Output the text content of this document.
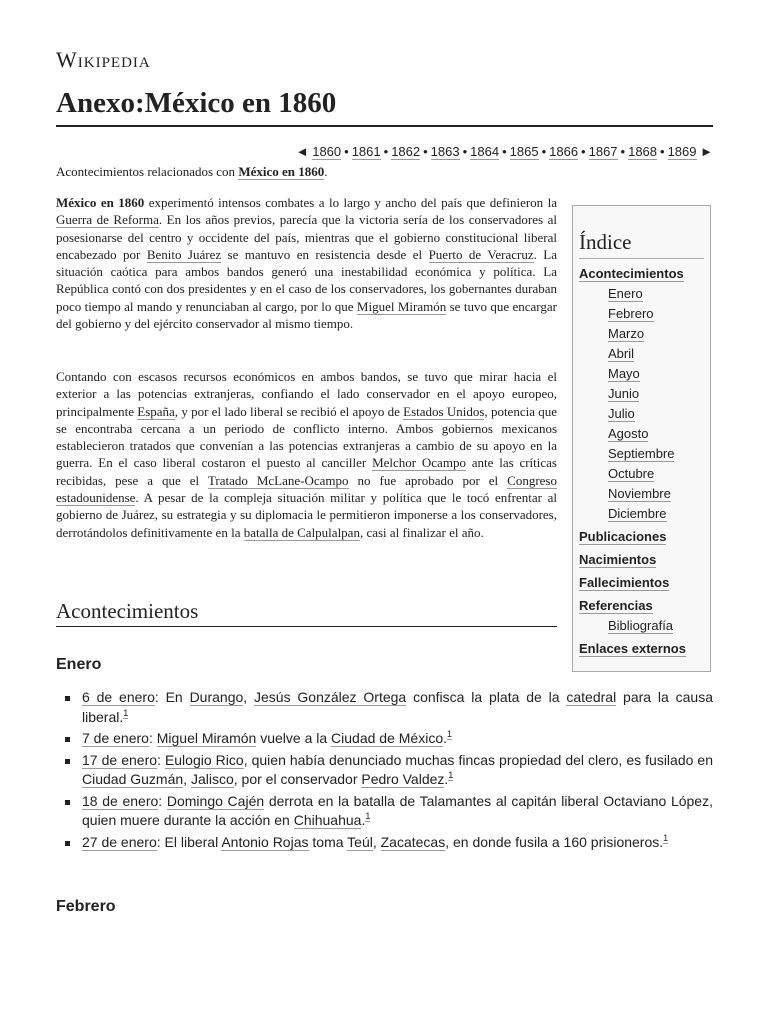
Wikipedia
Anexo:México en 1860
◄ 1860 • 1861 • 1862 • 1863 • 1864 • 1865 • 1866 • 1867 • 1868 • 1869 ►
Acontecimientos relacionados con México en 1860.

México en 1860 experimentó intensos combates a lo largo y ancho del país que definieron la Guerra de Reforma. En los años previos, parecía que la victoria sería de los conservadores al posesionarse del centro y occidente del país, mientras que el gobierno constitucional liberal encabezado por Benito Juárez se mantuvo en resistencia desde el Puerto de Veracruz. La situación caótica para ambos bandos generó una inestabilidad económica y política. La República contó con dos presidentes y en el caso de los conservadores, los gobernantes duraban poco tiempo al mando y renunciaban al cargo, por lo que Miguel Miramón se tuvo que encargar del gobierno y del ejército conservador al mismo tiempo.

Contando con escasos recursos económicos en ambos bandos, se tuvo que mirar hacia el exterior a las potencias extranjeras, confiando el lado conservador en el apoyo europeo, principalmente España, y por el lado liberal se recibió el apoyo de Estados Unidos, potencia que se encontraba cercana a un periodo de conflicto interno. Ambos gobiernos mexicanos establecieron tratados que convenían a las potencias extranjeras a cambio de su apoyo en la guerra. En el caso liberal costaron el puesto al canciller Melchor Ocampo ante las críticas recibidas, pese a que el Tratado McLane-Ocampo no fue aprobado por el Congreso estadounidense. A pesar de la compleja situación militar y política que le tocó enfrentar al gobierno de Juárez, su estrategia y su diplomacia le permitieron imponerse a los conservadores, derrotándolos definitivamente en la batalla de Calpulalpan, casi al finalizar el año.

Índice
Acontecimientos
Enero
Febrero
Marzo
Abril
Mayo
Junio
Julio
Agosto
Septiembre
Octubre
Noviembre
Diciembre
Publicaciones
Nacimientos
Fallecimientos
Referencias
Bibliografía
Enlaces externos
Acontecimientos
Enero
6 de enero: En Durango, Jesús González Ortega confisca la plata de la catedral para la causa liberal.$^1$
7 de enero: Miguel Miramón vuelve a la Ciudad de México.$^1$
17 de enero: Eulogio Rico, quien había denunciado muchas fincas propiedad del clero, es fusilado en Ciudad Guzmán, Jalisco, por el conservador Pedro Valdez.$^1$
18 de enero: Domingo Cajén derrota en la batalla de Talamantes al capitán liberal Octaviano López, quien muere durante la acción en Chihuahua.$^1$
27 de enero: El liberal Antonio Rojas toma Teúl, Zacatecas, en donde fusila a 160 prisioneros.$^1$
Febrero
